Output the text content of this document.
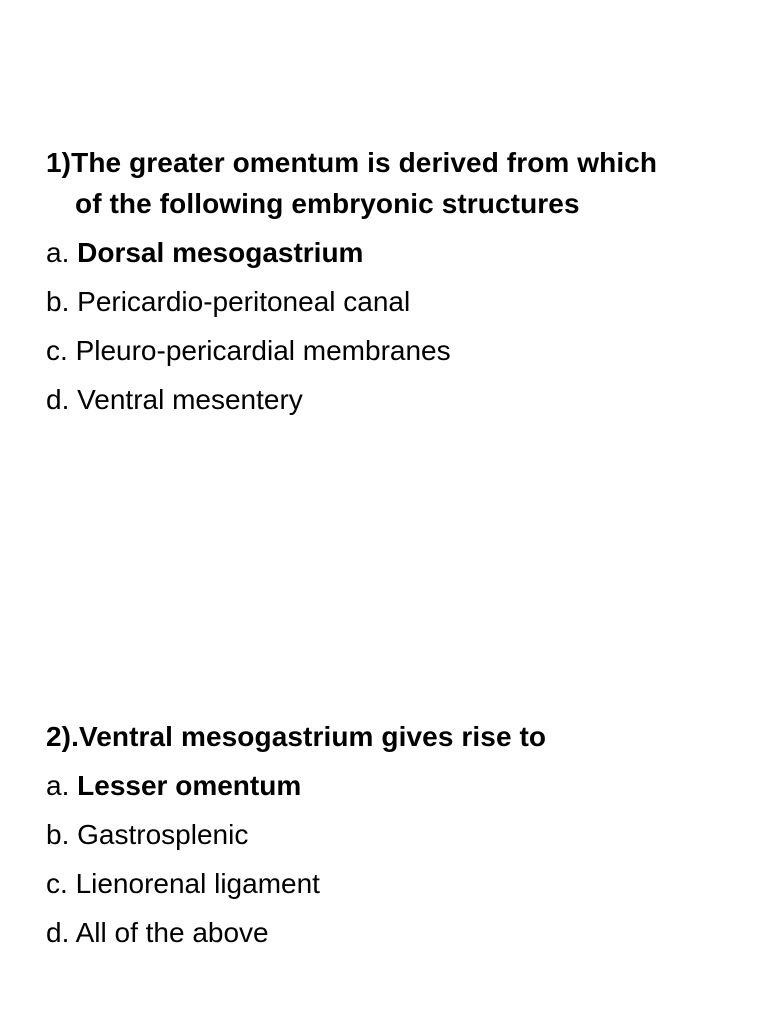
1)The greater omentum is derived from which
of the following embryonic structures

a. Dorsal mesogastrium
b. Pericardio-peritoneal canal
c. Pleuro-pericardial membranes
d. Ventral mesentery

2).Ventral mesogastrium gives rise to

a. Lesser omentum
b. Gastrosplenic
c. Lienorenal ligament
d. All of the above
